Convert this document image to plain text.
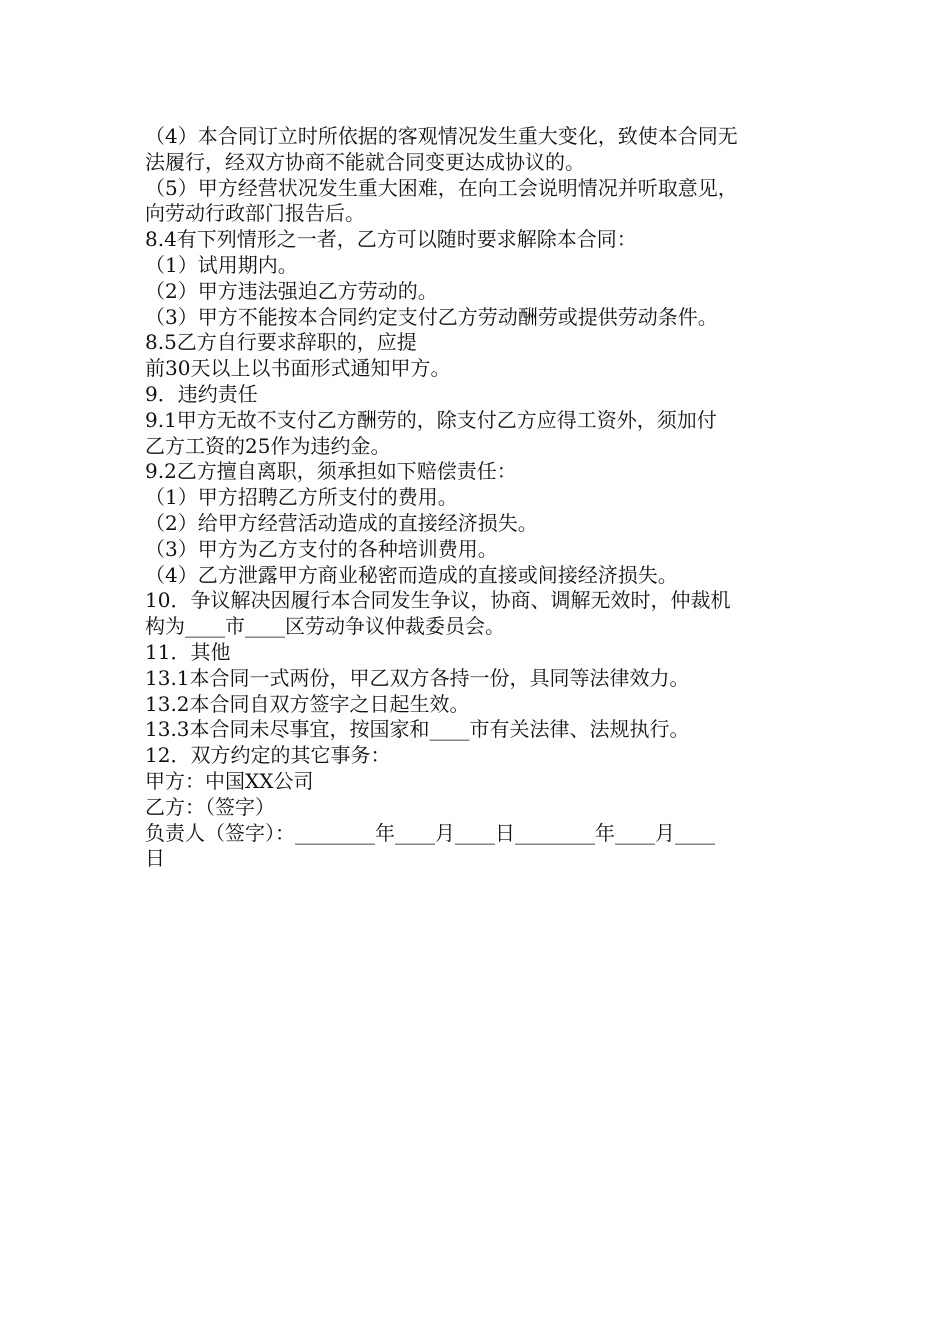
（4）本合同订立时所依据的客观情况发生重大变化，致使本合同无
法履行，经双方协商不能就合同变更达成协议的。
（5）甲方经营状况发生重大困难，在向工会说明情况并听取意见，
向劳动行政部门报告后。
8.4有下列情形之一者，乙方可以随时要求解除本合同：
（1）试用期内。
（2）甲方违法强迫乙方劳动的。
（3）甲方不能按本合同约定支付乙方劳动酬劳或提供劳动条件。
8.5乙方自行要求辞职的，应提
前30天以上以书面形式通知甲方。
9．违约责任
9.1甲方无故不支付乙方酬劳的，除支付乙方应得工资外，须加付
乙方工资的25作为违约金。
9.2乙方擅自离职，须承担如下赔偿责任：
（1）甲方招聘乙方所支付的费用。
（2）给甲方经营活动造成的直接经济损失。
（3）甲方为乙方支付的各种培训费用。
（4）乙方泄露甲方商业秘密而造成的直接或间接经济损失。
10．争议解决因履行本合同发生争议，协商、调解无效时，仲裁机
构为____市____区劳动争议仲裁委员会。
11．其他
13.1本合同一式两份，甲乙双方各持一份，具同等法律效力。
13.2本合同自双方签字之日起生效。
13.3本合同未尽事宜，按国家和____市有关法律、法规执行。
12．双方约定的其它事务：
甲方：中国XX公司
乙方：（签字）
负责人（签字）：________年____月____日________年____月____
日
